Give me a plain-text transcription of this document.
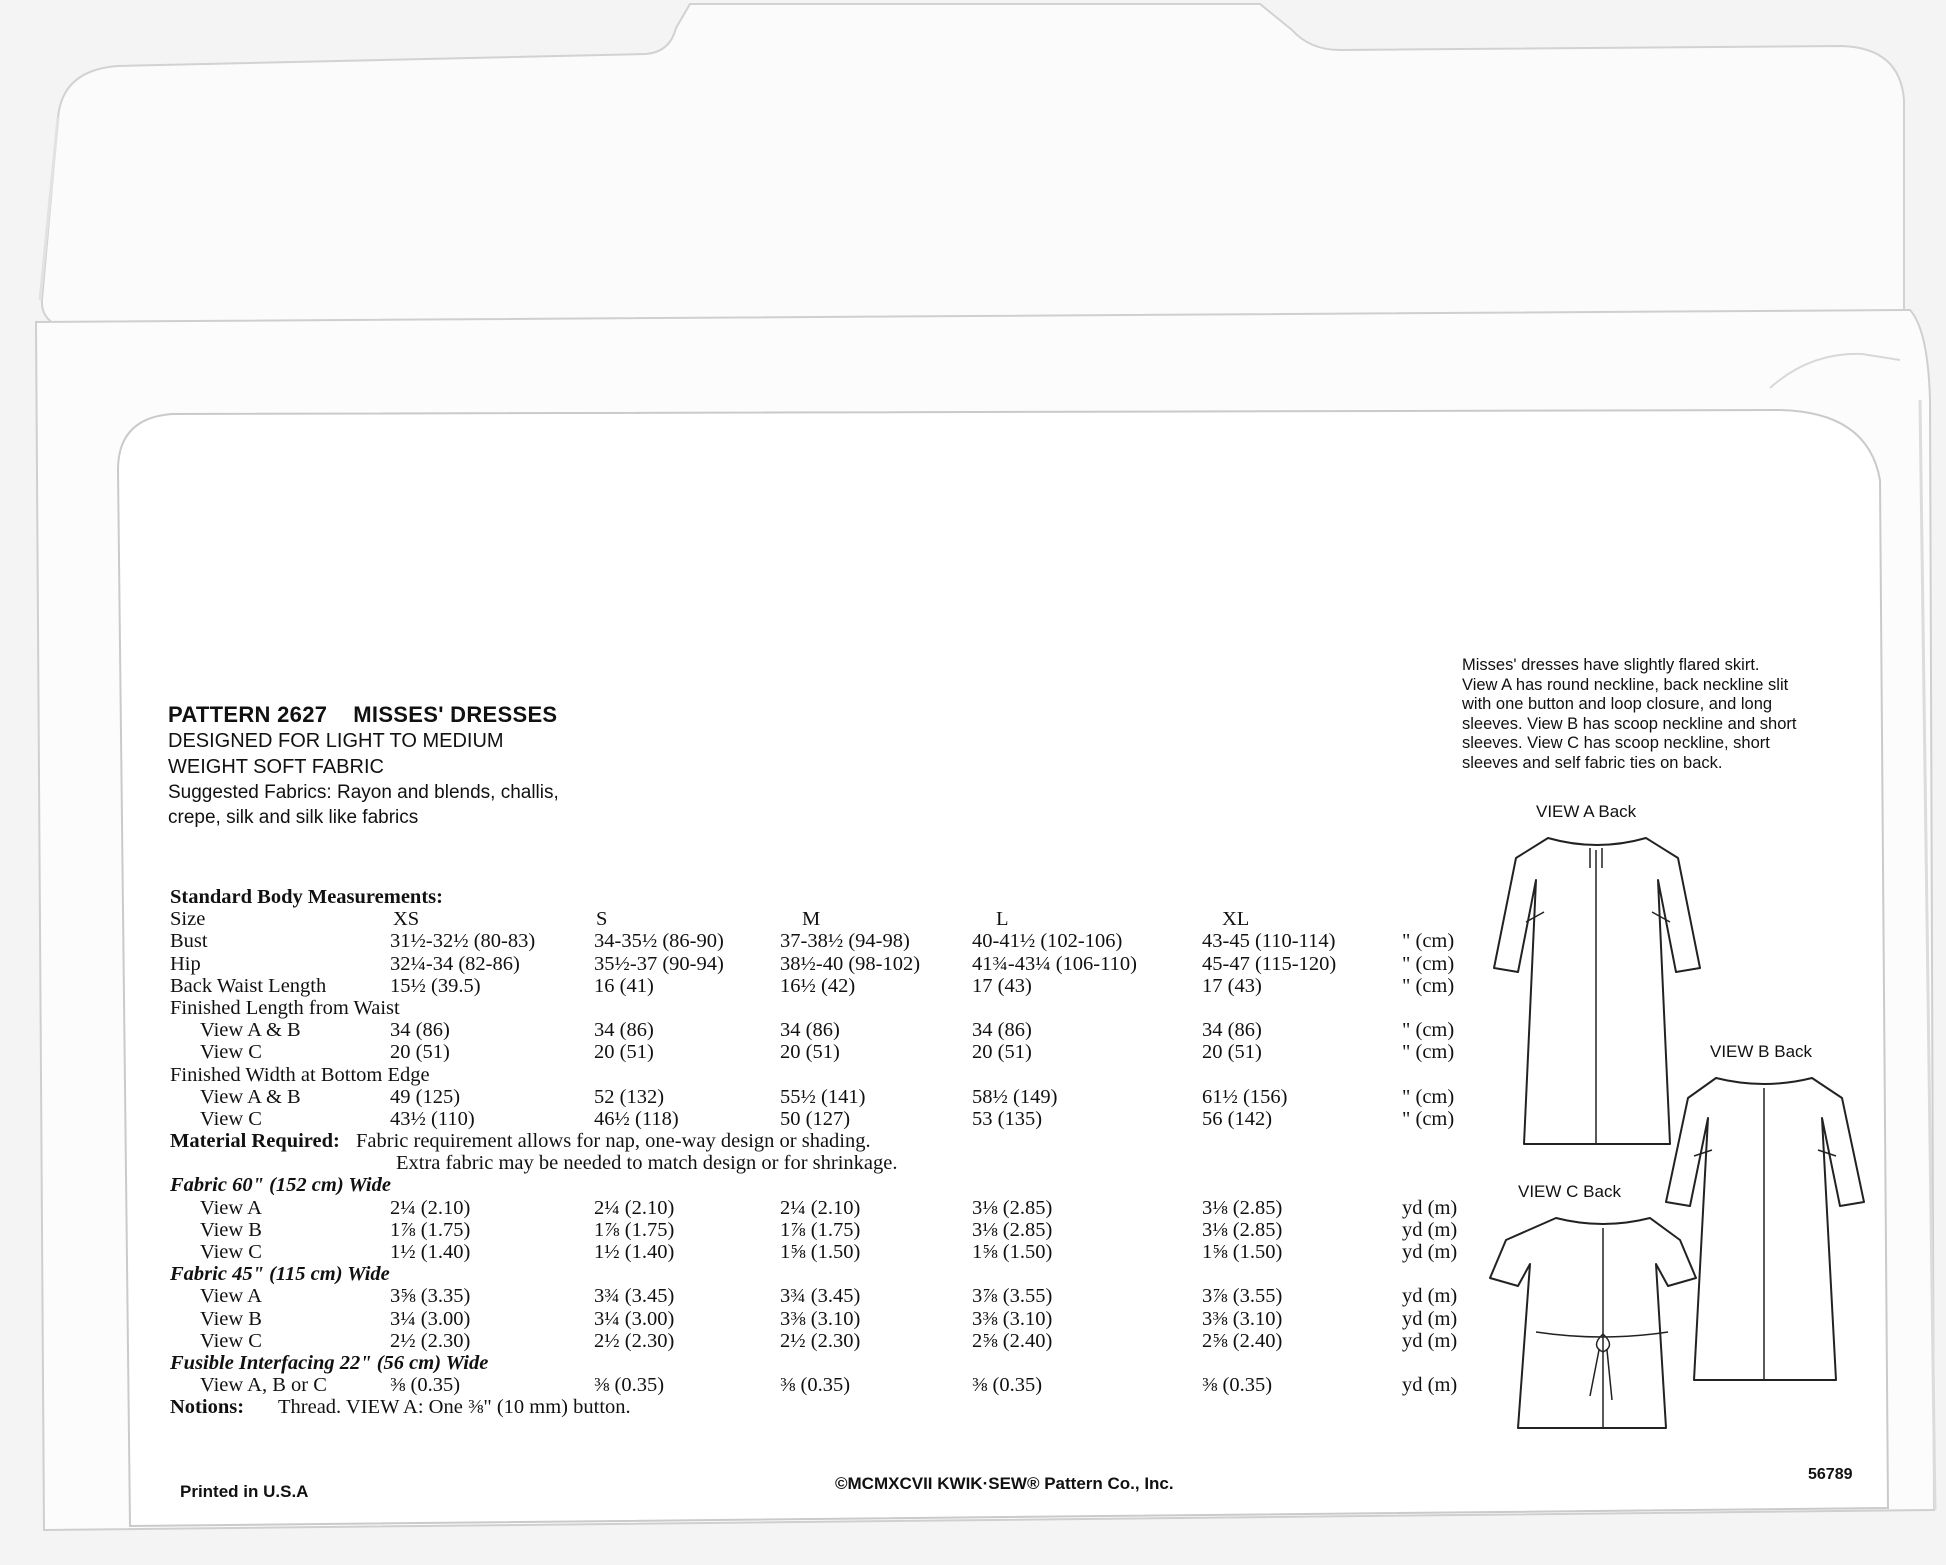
PATTERN 2627 MISSES' DRESSES
DESIGNED FOR LIGHT TO MEDIUM
WEIGHT SOFT FABRIC
Suggested Fabrics: Rayon and blends, challis,
crepe, silk and silk like fabrics
Misses' dresses have slightly flared skirt.
View A has round neckline, back neckline slit
with one button and loop closure, and long
sleeves. View B has scoop neckline and short
sleeves. View C has scoop neckline, short
sleeves and self fabric ties on back.
VIEW A Back
VIEW B Back
VIEW C Back
Standard Body Measurements:
Size	XS	S	M	L	XL
Bust	31½-32½ (80-83)	34-35½ (86-90)	37-38½ (94-98)	40-41½ (102-106)	43-45 (110-114)	" (cm)
Hip	32¼-34 (82-86)	35½-37 (90-94)	38½-40 (98-102)	41¾-43¼ (106-110)	45-47 (115-120)	" (cm)
Back Waist Length	15½ (39.5)	16 (41)	16½ (42)	17 (43)	17 (43)	" (cm)
Finished Length from Waist
View A & B	34 (86)	34 (86)	34 (86)	34 (86)	34 (86)	" (cm)
View C	20 (51)	20 (51)	20 (51)	20 (51)	20 (51)	" (cm)
Finished Width at Bottom Edge
View A & B	49 (125)	52 (132)	55½ (141)	58½ (149)	61½ (156)	" (cm)
View C	43½ (110)	46½ (118)	50 (127)	53 (135)	56 (142)	" (cm)
Material Required: Fabric requirement allows for nap, one-way design or shading.
Extra fabric may be needed to match design or for shrinkage.
Fabric 60" (152 cm) Wide
View A	2¼ (2.10)	2¼ (2.10)	2¼ (2.10)	3⅛ (2.85)	3⅛ (2.85)	yd (m)
View B	1⅞ (1.75)	1⅞ (1.75)	1⅞ (1.75)	3⅛ (2.85)	3⅛ (2.85)	yd (m)
View C	1½ (1.40)	1½ (1.40)	1⅝ (1.50)	1⅝ (1.50)	1⅝ (1.50)	yd (m)
Fabric 45" (115 cm) Wide
View A	3⅝ (3.35)	3¾ (3.45)	3¾ (3.45)	3⅞ (3.55)	3⅞ (3.55)	yd (m)
View B	3¼ (3.00)	3¼ (3.00)	3⅜ (3.10)	3⅜ (3.10)	3⅜ (3.10)	yd (m)
View C	2½ (2.30)	2½ (2.30)	2½ (2.30)	2⅝ (2.40)	2⅝ (2.40)	yd (m)
Fusible Interfacing 22" (56 cm) Wide
View A, B or C	⅜ (0.35)	⅜ (0.35)	⅜ (0.35)	⅜ (0.35)	⅜ (0.35)	yd (m)
Notions: Thread. VIEW A: One ⅜" (10 mm) button.
Printed in U.S.A	©MCMXCVII KWIK·SEW® Pattern Co., Inc.	56789
